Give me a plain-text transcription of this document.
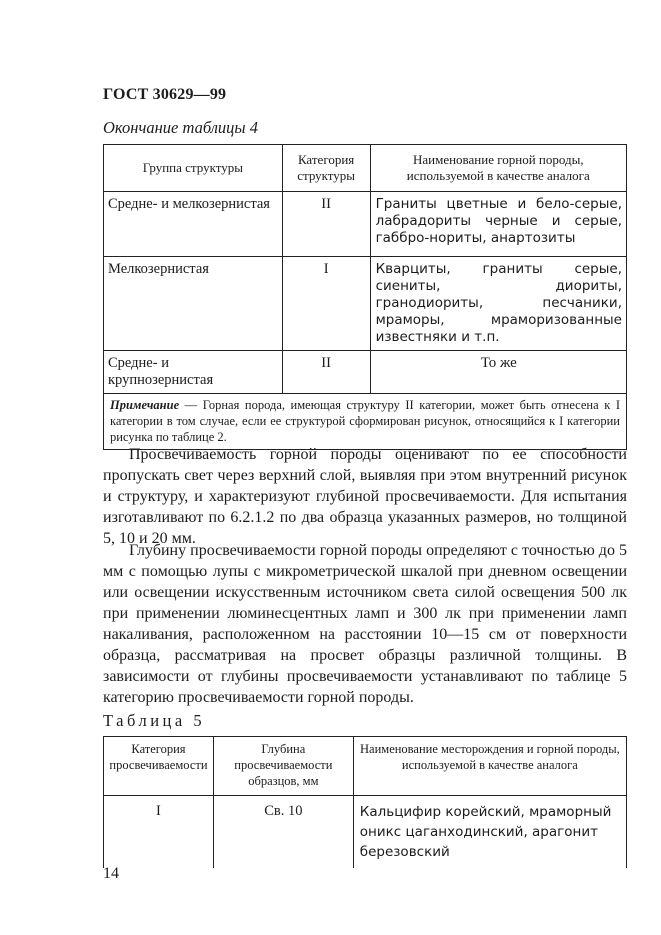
ГОСТ 30629—99
Окончание таблицы 4
Группа структуры	Категория структуры	Наименование горной породы, используемой в качестве аналога
Средне- и мелкозернистая	II	Граниты цветные и бело-серые, лабрадориты черные и серые, габбро-нориты, анартозиты
Мелкозернистая	I	Кварциты, граниты серые, сиениты, диориты, гранодиориты, песчаники, мраморы, мраморизованные известняки и т.п.
Средне- и крупнозернистая	II	То же
Примечание — Горная порода, имеющая структуру II категории, может быть отнесена к I категории в том случае, если ее структурой сформирован рисунок, относящийся к I категории рисунка по таблице 2.		

Просвечиваемость горной породы оценивают по ее способности пропускать свет через верхний слой, выявляя при этом внутренний рисунок и структуру, и характеризуют глубиной просвечиваемости. Для испытания изготавливают по 6.2.1.2 по два образца указанных размеров, но толщиной 5, 10 и 20 мм.

Глубину просвечиваемости горной породы определяют с точностью до 5 мм с помощью лупы с микрометрической шкалой при дневном освещении или освещении искусственным источником света силой освещения 500 лк при применении люминесцентных ламп и 300 лк при применении ламп накаливания, расположенном на расстоянии 10—15 см от поверхности образца, рассматривая на просвет образцы различной толщины. В зависимости от глубины просвечиваемости устанавливают по таблице 5 категорию просвечиваемости горной породы.

Таблица 5
Категория просвечиваемости	Глубина просвечиваемости образцов, мм	Наименование месторождения и горной породы, используемой в качестве аналога
I	Св. 10	Кальцифир корейский, мраморный оникс цаганходинский, арагонит березовский
14
